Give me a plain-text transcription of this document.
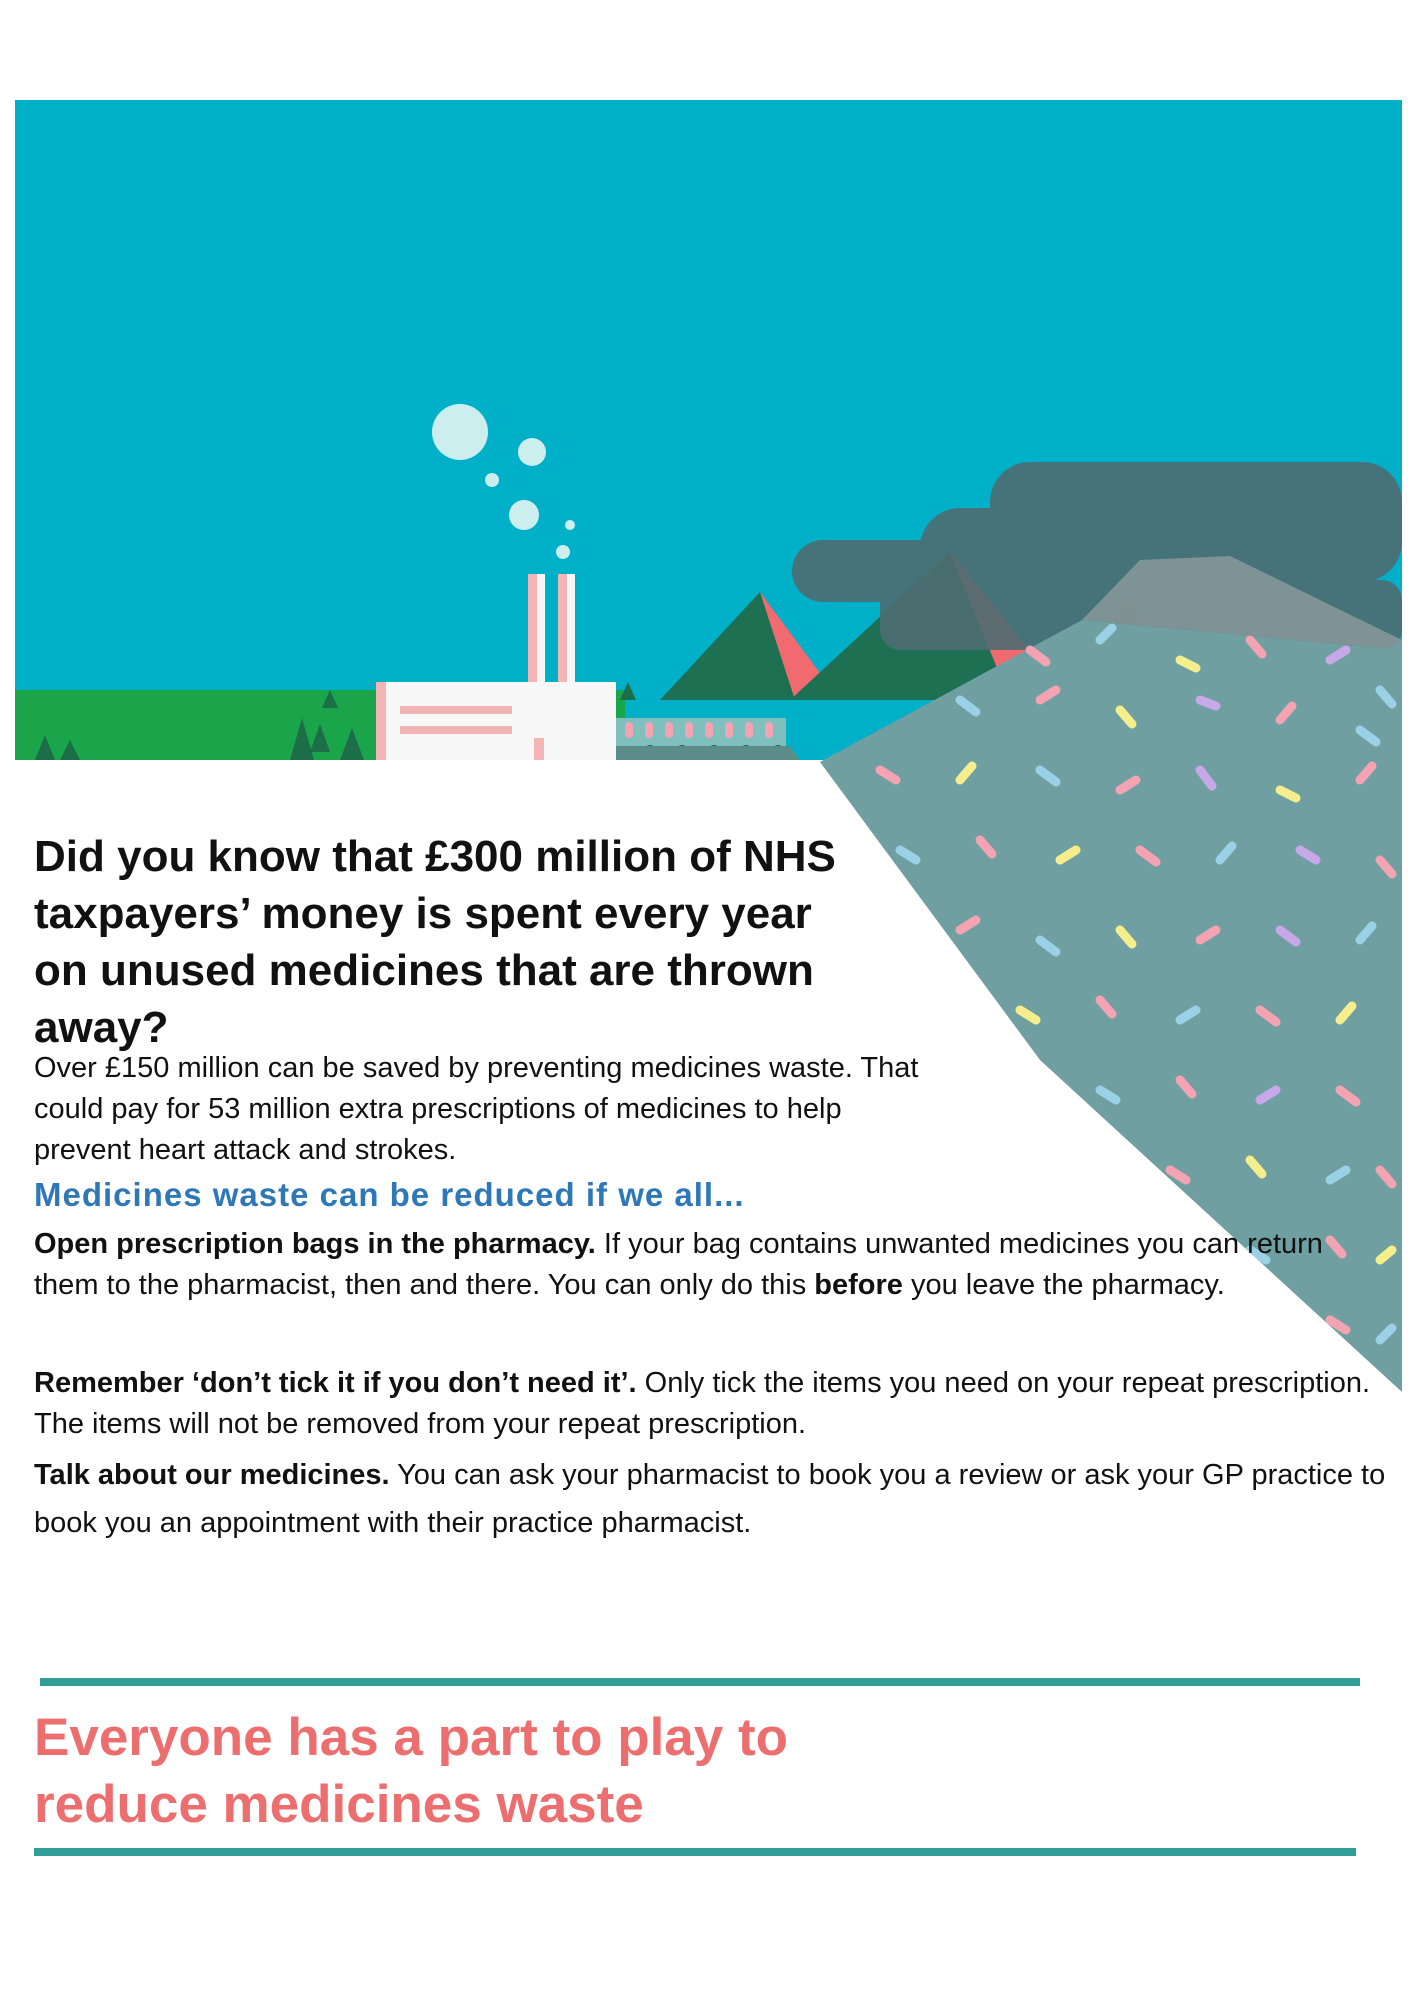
Did you know that £300 million of NHS taxpayers’ money is spent every year on unused medicines that are thrown away?

Over £150 million can be saved by preventing medicines waste. That could pay for 53 million extra prescriptions of medicines to help prevent heart attack and strokes.

Medicines waste can be reduced if we all...

Open prescription bags in the pharmacy. If your bag contains unwanted medicines you can return them to the pharmacist, then and there. You can only do this before you leave the pharmacy.

Remember ‘don’t tick it if you don’t need it’. Only tick the items you need on your repeat prescription. The items will not be removed from your repeat prescription.

Talk about our medicines. You can ask your pharmacist to book you a review or ask your GP practice to book you an appointment with their practice pharmacist.

Everyone has a part to play to reduce medicines waste
